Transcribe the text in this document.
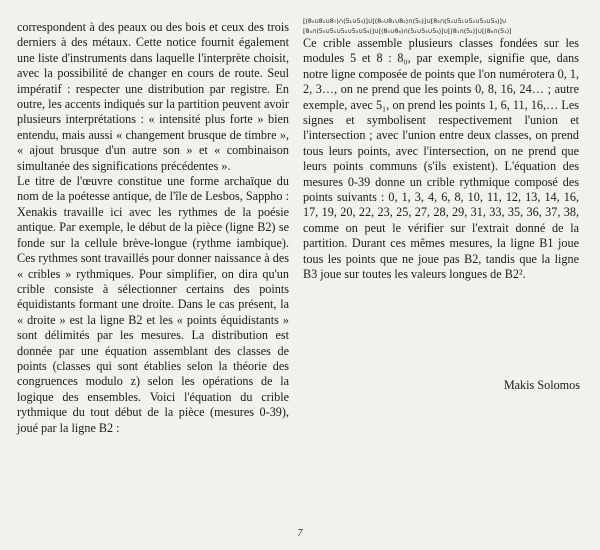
correspondent à des peaux ou des bois et ceux des trois derniers à des métaux. Cette notice fournit également une liste d'instruments dans laquelle l'interprète choisit, avec la possibilité de changer en cours de route. Seul impératif : respecter une distribution par registre. En outre, les accents indiqués sur la partition peuvent avoir plusieurs interprétations : « intensité plus forte » bien entendu, mais aussi « changement brusque de timbre », « ajout brusque d'un autre son » et « combinaison simultanée des significations précédentes ».

Le titre de l'œuvre constitue une forme archaïque du nom de la poétesse antique, de l'île de Lesbos, Sappho : Xenakis travaille ici avec les rythmes de la poésie antique. Par exemple, le début de la pièce (ligne B2) se fonde sur la cellule brève-longue (rythme iambique). Ces rythmes sont travaillés pour donner naissance à des « cribles » rythmiques. Pour simplifier, on dira qu'un crible consiste à sélectionner certains des points équidistants formant une droite. Dans le cas présent, la « droite » est la ligne B2 et les « points équidistants » sont délimités par les mesures. La distribution est donnée par une équation assemblant des classes de points (classes qui sont établies selon la théorie des congruences modulo z) selon les opérations de la logique des ensembles. Voici l'équation du crible rythmique du tout début de la pièce (mesures 0-39), joué par la ligne B2 :

[(8₀∪8₁∪8₇)∩(5₁∪5₃)]∪[(8₀∪8₁∪8₂)∩(5₀)]∪[8₃∩(5₀∪5₁∪5₂∪5₃∪5₄)]∪
[8₄∩(5₀∪5₁∪5₂∪5₃∪5₄)]∪[(8₅∪8₆)∩(5₂∪5₃∪5₄)]∪[(8₁∩(5₂)]∪[(8₆∩(5₁)]

Ce crible assemble plusieurs classes fondées sur les modules 5 et 8 : 8₀, par exemple, signifie que, dans notre ligne composée de points que l'on numérotera 0, 1, 2, 3…, on ne prend que les points 0, 8, 16, 24… ; autre exemple, avec 5₁, on prend les points 1, 6, 11, 16,… Les signes et symbolisent respectivement l'union et l'intersection ; avec l'union entre deux classes, on prend tous leurs points, avec l'intersection, on ne prend que leurs points communs (s'ils existent). L'équation des mesures 0-39 donne un crible rythmique composé des points suivants : 0, 1, 3, 4, 6, 8, 10, 11, 12, 13, 14, 16, 17, 19, 20, 22, 23, 25, 27, 28, 29, 31, 33, 35, 36, 37, 38, comme on peut le vérifier sur l'extrait donné de la partition. Durant ces mêmes mesures, la ligne B1 joue tous les points que ne joue pas B2, tandis que la ligne B3 joue sur toutes les valeurs longues de B2².

Makis Solomos
7
